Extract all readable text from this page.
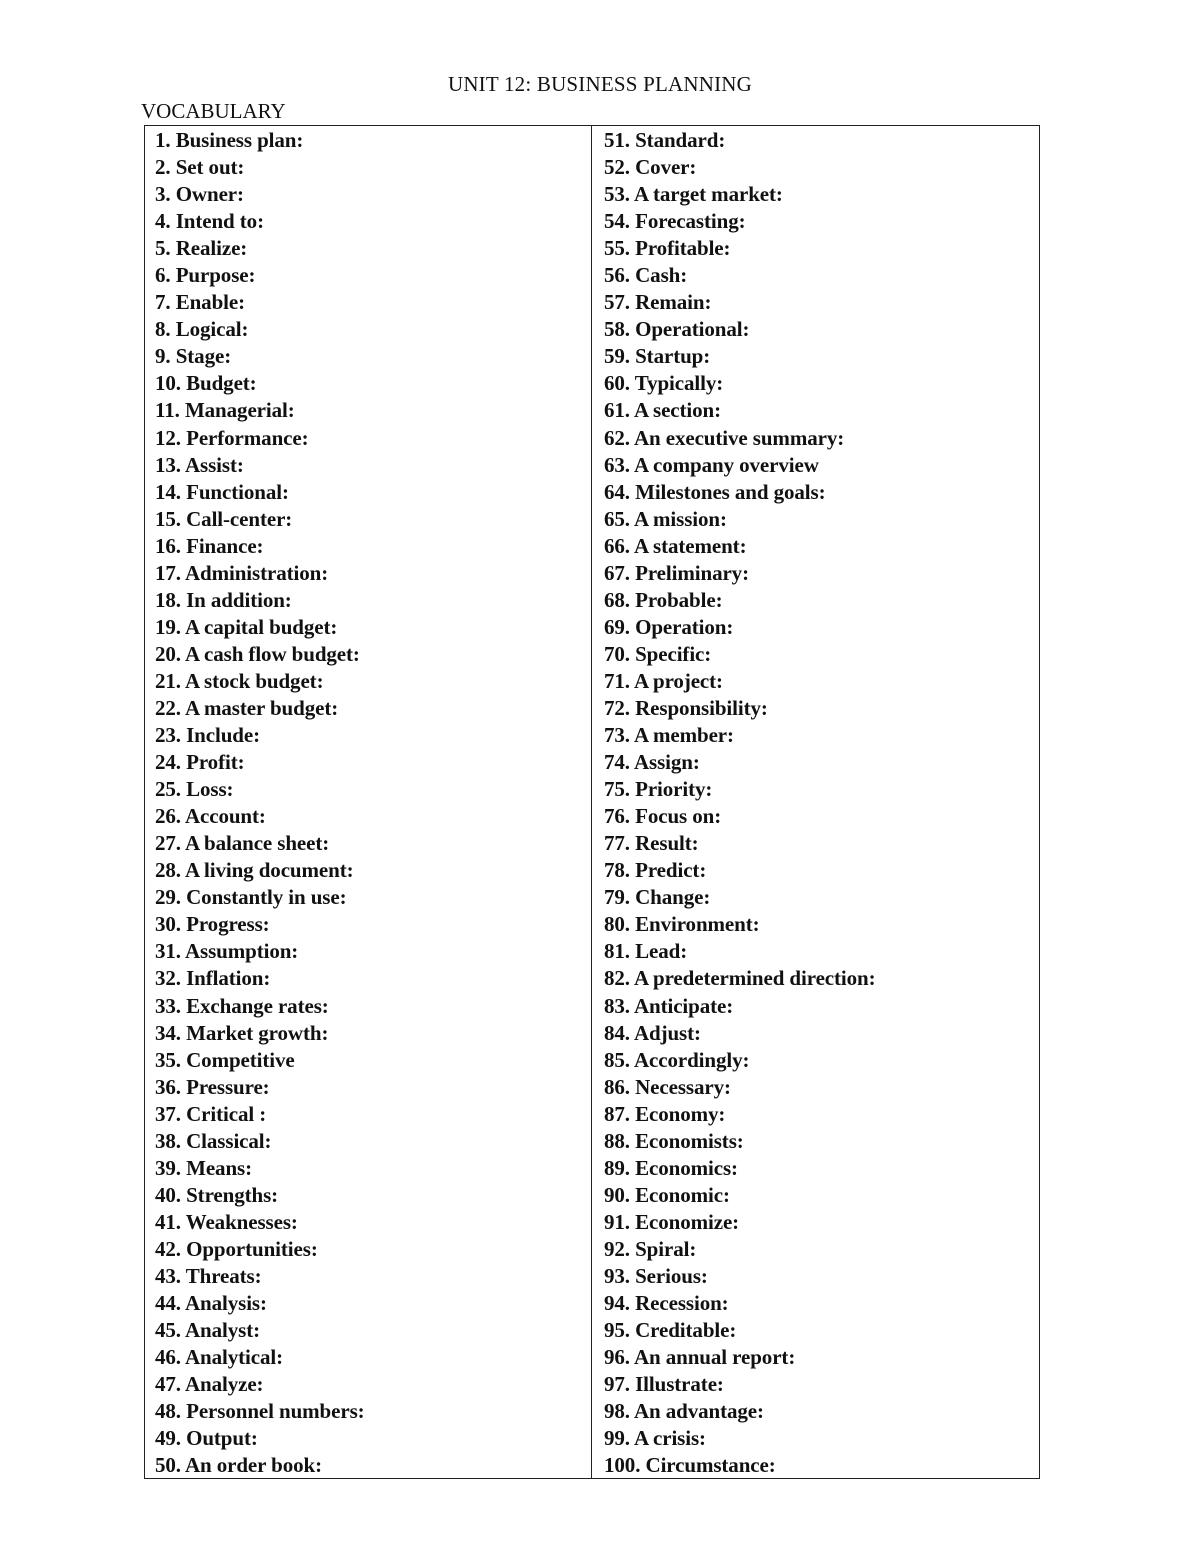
UNIT 12: BUSINESS PLANNING
VOCABULARY
1. Business plan:
2. Set out:
3. Owner:
4. Intend to:
5. Realize:
6. Purpose:
7. Enable:
8. Logical:
9. Stage:
10. Budget:
11. Managerial:
12. Performance:
13. Assist:
14. Functional:
15. Call-center:
16. Finance:
17. Administration:
18. In addition:
19. A capital budget:
20. A cash flow budget:
21. A stock budget:
22. A master budget:
23. Include:
24. Profit:
25. Loss:
26. Account:
27. A balance sheet:
28. A living document:
29. Constantly in use:
30. Progress:
31. Assumption:
32. Inflation:
33. Exchange rates:
34. Market growth:
35. Competitive
36. Pressure:
37. Critical :
38. Classical:
39. Means:
40. Strengths:
41. Weaknesses:
42. Opportunities:
43. Threats:
44. Analysis:
45. Analyst:
46. Analytical:
47. Analyze:
48. Personnel numbers:
49. Output:
50. An order book:
51. Standard:
52. Cover:
53. A target market:
54. Forecasting:
55. Profitable:
56. Cash:
57. Remain:
58. Operational:
59. Startup:
60. Typically:
61. A section:
62. An executive summary:
63. A company overview
64. Milestones and goals:
65. A mission:
66. A statement:
67. Preliminary:
68. Probable:
69. Operation:
70. Specific:
71. A project:
72. Responsibility:
73. A member:
74. Assign:
75. Priority:
76. Focus on:
77. Result:
78. Predict:
79. Change:
80. Environment:
81. Lead:
82. A predetermined direction:
83. Anticipate:
84. Adjust:
85. Accordingly:
86. Necessary:
87. Economy:
88. Economists:
89. Economics:
90. Economic:
91. Economize:
92. Spiral:
93. Serious:
94. Recession:
95. Creditable:
96. An annual report:
97. Illustrate:
98. An advantage:
99. A crisis:
100. Circumstance:
